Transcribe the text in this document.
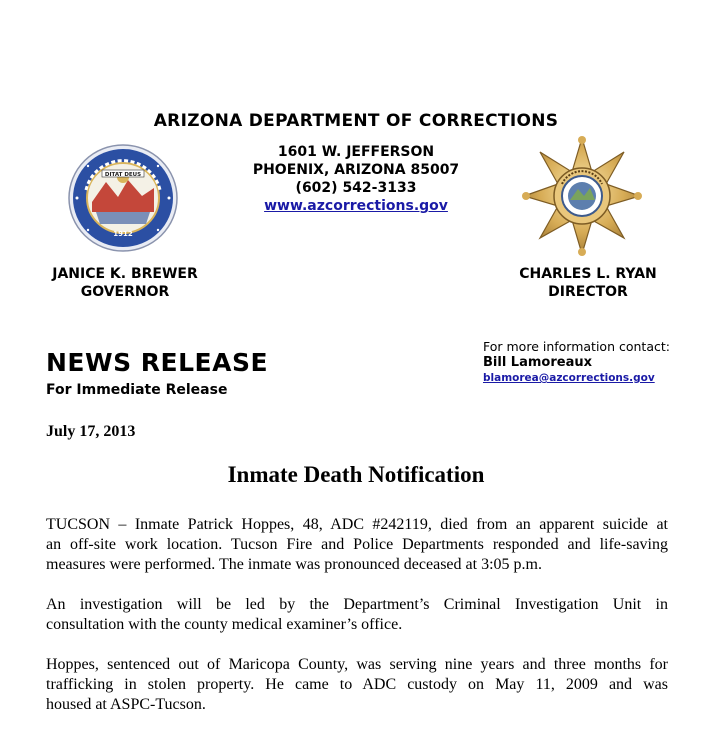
ARIZONA DEPARTMENT OF CORRECTIONS
1601 W. JEFFERSON
PHOENIX, ARIZONA 85007
(602) 542-3133
www.azcorrections.gov
DITAT DEUS
1912
JANICE K. BREWER
GOVERNOR
CHARLES L. RYAN
DIRECTOR
For more information contact:
Bill Lamoreaux
blamorea@azcorrections.gov
NEWS RELEASE
For Immediate Release
July 17, 2013
Inmate Death Notification
TUCSON – Inmate Patrick Hoppes, 48, ADC #242119, died from an apparent suicide at
an off-site work location. Tucson Fire and Police Departments responded and life-saving
measures were performed. The inmate was pronounced deceased at 3:05 p.m.
An investigation will be led by the Department’s Criminal Investigation Unit in
consultation with the county medical examiner’s office.
Hoppes, sentenced out of Maricopa County, was serving nine years and three months for
trafficking in stolen property. He came to ADC custody on May 11, 2009 and was
housed at ASPC-Tucson.
